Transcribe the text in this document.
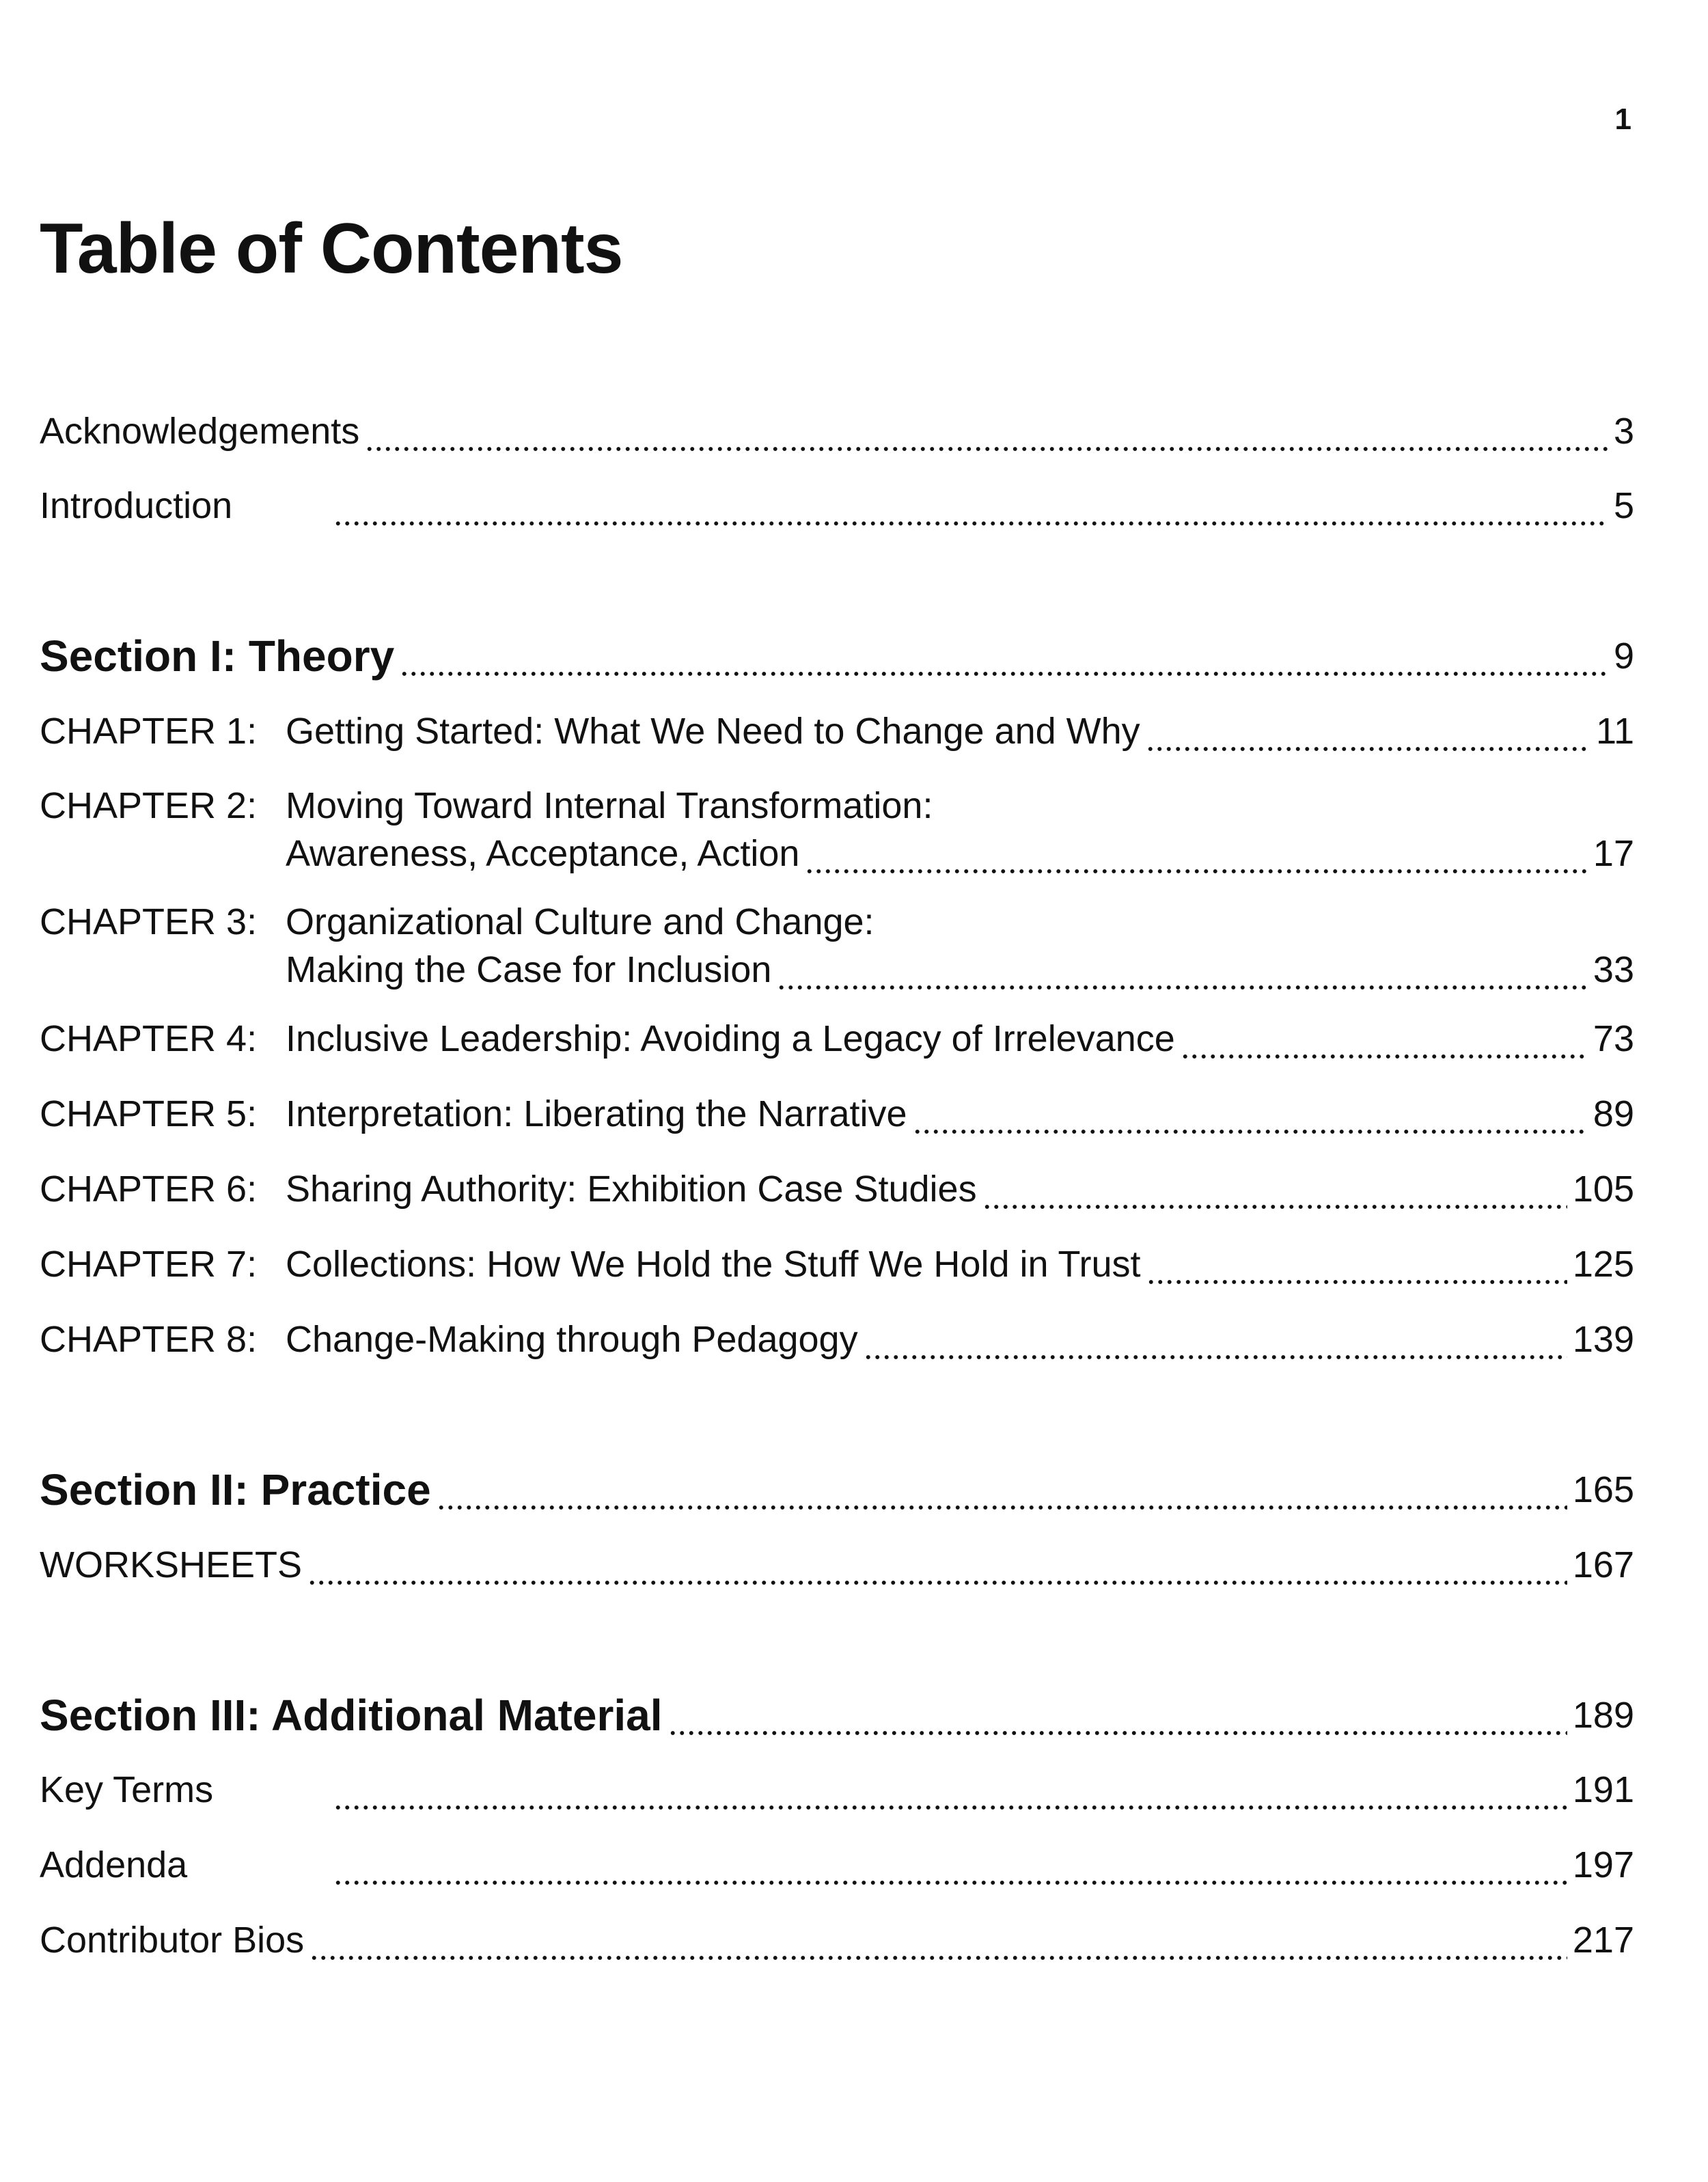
1
Table of Contents
Acknowledgements	3
Introduction	5
Section I: Theory	9
CHAPTER 1: Getting Started: What We Need to Change and Why	11
CHAPTER 2: Moving Toward Internal Transformation:
Awareness, Acceptance, Action	17
CHAPTER 3: Organizational Culture and Change:
Making the Case for Inclusion	33
CHAPTER 4: Inclusive Leadership: Avoiding a Legacy of Irrelevance	73
CHAPTER 5: Interpretation: Liberating the Narrative	89
CHAPTER 6: Sharing Authority: Exhibition Case Studies	105
CHAPTER 7: Collections: How We Hold the Stuff We Hold in Trust	125
CHAPTER 8: Change-Making through Pedagogy	139
Section II: Practice	165
WORKSHEETS	167
Section III: Additional Material	189
Key Terms	191
Addenda	197
Contributor Bios	217
